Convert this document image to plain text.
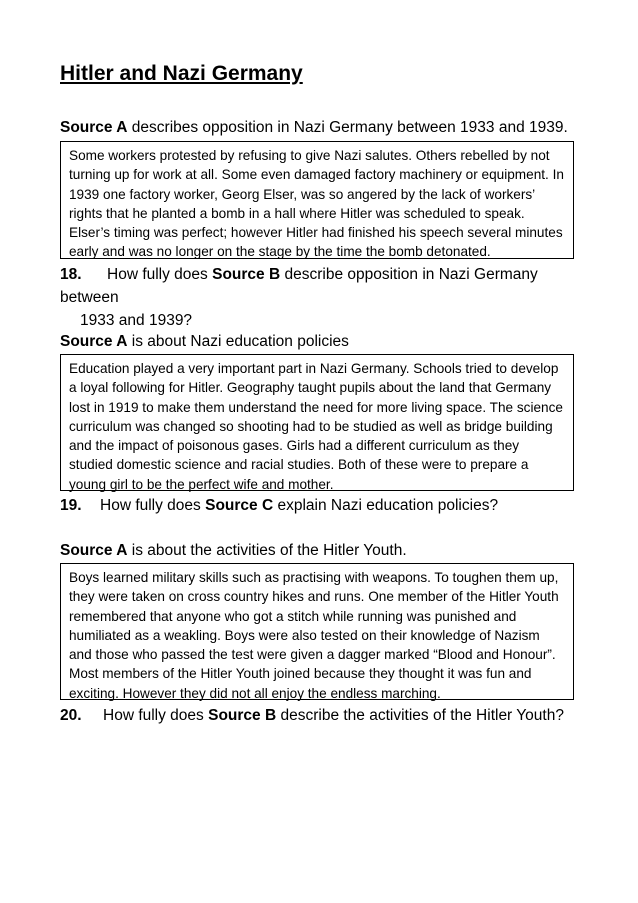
Hitler and Nazi Germany
Source A describes opposition in Nazi Germany between 1933 and 1939.

Some workers protested by refusing to give Nazi salutes. Others rebelled by not turning up for work at all. Some even damaged factory machinery or equipment. In 1939 one factory worker, Georg Elser, was so angered by the lack of workers’ rights that he planted a bomb in a hall where Hitler was scheduled to speak. Elser’s timing was perfect; however Hitler had finished his speech several minutes early and was no longer on the stage by the time the bomb detonated.

18. How fully does Source B describe opposition in Nazi Germany between
1933 and 1939?
Source A is about Nazi education policies

Education played a very important part in Nazi Germany. Schools tried to develop a loyal following for Hitler. Geography taught pupils about the land that Germany lost in 1919 to make them understand the need for more living space. The science curriculum was changed so shooting had to be studied as well as bridge building and the impact of poisonous gases. Girls had a different curriculum as they studied domestic science and racial studies. Both of these were to prepare a young girl to be the perfect wife and mother.

19. How fully does Source C explain Nazi education policies?
Source A is about the activities of the Hitler Youth.

Boys learned military skills such as practising with weapons. To toughen them up, they were taken on cross country hikes and runs. One member of the Hitler Youth remembered that anyone who got a stitch while running was punished and humiliated as a weakling. Boys were also tested on their knowledge of Nazism and those who passed the test were given a dagger marked “Blood and Honour”. Most members of the Hitler Youth joined because they thought it was fun and exciting. However they did not all enjoy the endless marching.

20. How fully does Source B describe the activities of the Hitler Youth?
